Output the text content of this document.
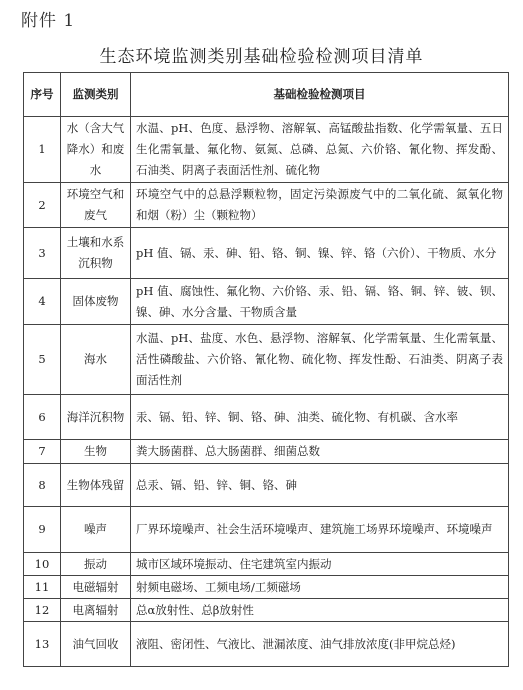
附件 1
生态环境监测类别基础检验检测项目清单
序号	监测类别	基础检验检测项目
1	水（含大气降水）和废水	水温、pH、色度、悬浮物、溶解氧、高锰酸盐指数、化学需氧量、五日生化需氧量、氟化物、氨氮、总磷、总氮、六价铬、氰化物、挥发酚、石油类、阴离子表面活性剂、硫化物
2	环境空气和废气	环境空气中的总悬浮颗粒物，固定污染源废气中的二氧化硫、氮氧化物和烟（粉）尘（颗粒物）
3	土壤和水系沉积物	pH 值、镉、汞、砷、铅、铬、铜、镍、锌、铬（六价）、干物质、水分
4	固体废物	pH 值、腐蚀性、氟化物、六价铬、汞、铅、镉、铬、铜、锌、铍、钡、镍、砷、水分含量、干物质含量
5	海水	水温、pH、盐度、水色、悬浮物、溶解氧、化学需氧量、生化需氧量、活性磷酸盐、六价铬、氰化物、硫化物、挥发性酚、石油类、阴离子表面活性剂
6	海洋沉积物	汞、镉、铅、锌、铜、铬、砷、油类、硫化物、有机碳、含水率
7	生物	粪大肠菌群、总大肠菌群、细菌总数
8	生物体残留	总汞、镉、铅、锌、铜、铬、砷
9	噪声	厂界环境噪声、社会生活环境噪声、建筑施工场界环境噪声、环境噪声
10	振动	城市区域环境振动、住宅建筑室内振动
11	电磁辐射	射频电磁场、工频电场/工频磁场
12	电离辐射	总α放射性、总β放射性
13	油气回收	液阻、密闭性、气液比、泄漏浓度、油气排放浓度(非甲烷总烃)
